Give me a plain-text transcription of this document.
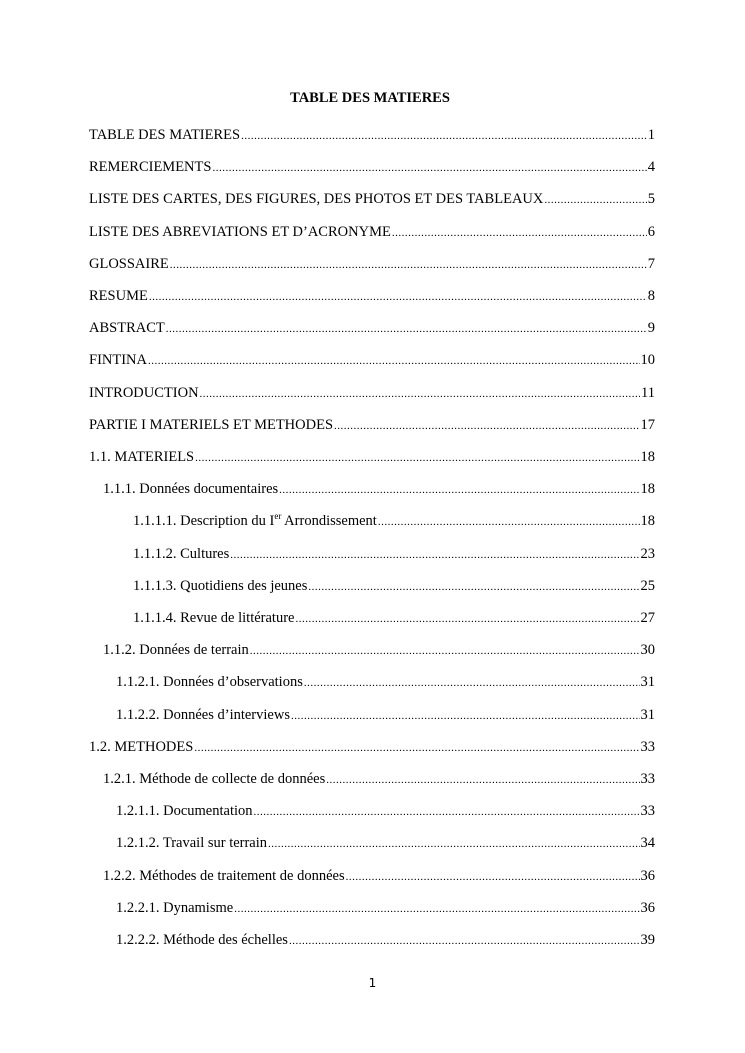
TABLE DES MATIERES
TABLE DES MATIERES .....	1
REMERCIEMENTS .....	4
LISTE DES CARTES, DES FIGURES, DES PHOTOS ET DES TABLEAUX .....	5
LISTE DES ABREVIATIONS ET D’ACRONYME .....	6
GLOSSAIRE .....	7
RESUME .....	8
ABSTRACT .....	9
FINTINA .....	10
INTRODUCTION .....	11
PARTIE I MATERIELS ET METHODES .....	17
1.1. MATERIELS .....	18
1.1.1. Données documentaires .....	18
1.1.1.1. Description du Ier Arrondissement .....	18
1.1.1.2. Cultures .....	23
1.1.1.3. Quotidiens des jeunes .....	25
1.1.1.4. Revue de littérature .....	27
1.1.2. Données de terrain .....	30
1.1.2.1. Données d’observations .....	31
1.1.2.2. Données d’interviews .....	31
1.2. METHODES .....	33
1.2.1. Méthode de collecte de données .....	33
1.2.1.1. Documentation .....	33
1.2.1.2. Travail sur terrain .....	34
1.2.2. Méthodes de traitement de données .....	36
1.2.2.1. Dynamisme .....	36
1.2.2.2. Méthode des échelles .....	39
1
